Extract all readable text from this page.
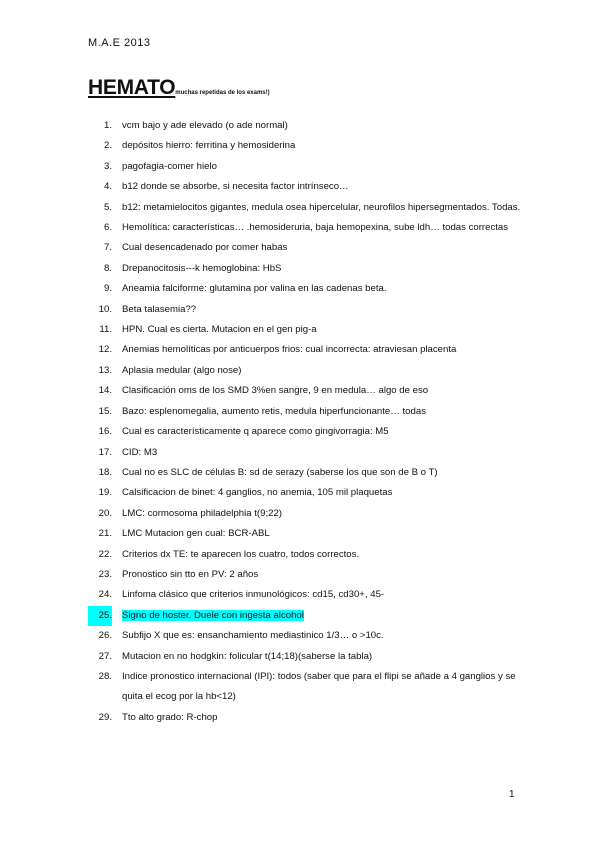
M.A.E 2013
HEMATOmuchas repetidas de los exams!)
1. vcm bajo y ade elevado (o ade normal)
2. depósitos hierro: ferritina y hemosiderina
3. pagofagia-comer hielo
4. b12 donde se absorbe, si necesita factor intrínseco…
5. b12: metamielocitos gigantes, medula osea hipercelular, neurofilos hipersegmentados. Todas.
6. Hemolítica: características… .hemosideruria, baja hemopexina, sube ldh… todas correctas
7. Cual desencadenado por comer habas
8. Drepanocitosis---k hemoglobina: HbS
9. Aneamia falciforme: glutamina por valina en las cadenas beta.
10. Beta talasemia??
11. HPN. Cual es cierta. Mutacion en el gen pig-a
12. Anemias hemolíticas por anticuerpos frios: cual incorrecta: atraviesan placenta
13. Aplasia medular (algo nose)
14. Clasificación oms de los SMD 3%en sangre, 9 en medula… algo de eso
15. Bazo: esplenomegalia, aumento retis, medula hiperfuncionante… todas
16. Cual es característicamente q aparece como gingivorragia: M5
17. CID: M3
18. Cual no es SLC de células B: sd de serazy (saberse los que son de B o T)
19. Calsificacion de binet: 4 ganglios, no anemia, 105 mil plaquetas
20. LMC: cormosoma philadelphia t(9;22)
21. LMC Mutacion gen cual: BCR-ABL
22. Criterios dx TE: te aparecen los cuatro, todos correctos.
23. Pronostico sin tto en PV: 2 años
24. Linfoma clásico que criterios inmunológicos: cd15, cd30+, 45-
25. Signo de hoster. Duele con ingesta alcohol
26. Subfijo X que es: ensanchamiento mediastinico 1/3… o >10c.
27. Mutacion en no hodgkin: folicular t(14;18)(saberse la tabla)
28. Indice pronostico internacional (IPI): todos (saber que para el flipi se añade a 4 ganglios y se quita el ecog por la hb<12)
29. Tto alto grado: R-chop
1
